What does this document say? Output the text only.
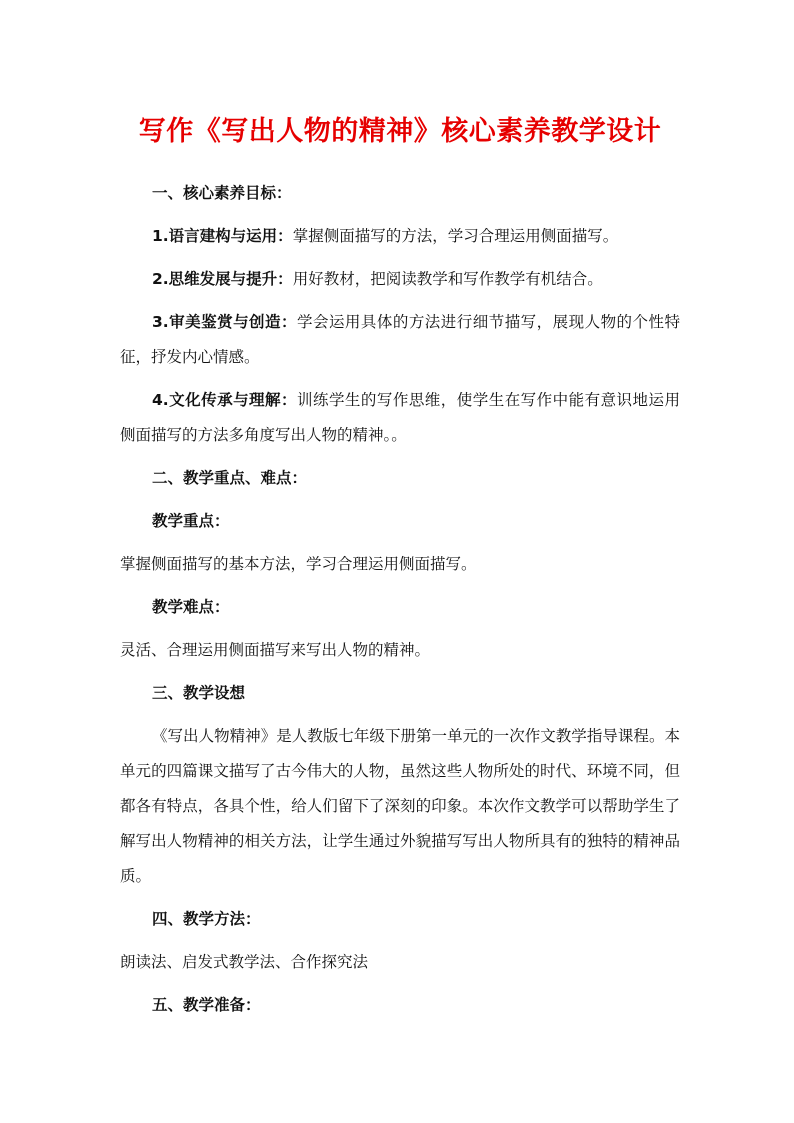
写作《写出人物的精神》核心素养教学设计

一、核心素养目标：

1.语言建构与运用：掌握侧面描写的方法，学习合理运用侧面描写。

2.思维发展与提升：用好教材，把阅读教学和写作教学有机结合。

3.审美鉴赏与创造：学会运用具体的方法进行细节描写，展现人物的个性特征，抒发内心情感。

4.文化传承与理解：训练学生的写作思维，使学生在写作中能有意识地运用侧面描写的方法多角度写出人物的精神。。

二、教学重点、难点：

教学重点：

掌握侧面描写的基本方法，学习合理运用侧面描写。

教学难点：

灵活、合理运用侧面描写来写出人物的精神。

三、教学设想

《写出人物精神》是人教版七年级下册第一单元的一次作文教学指导课程。本单元的四篇课文描写了古今伟大的人物，虽然这些人物所处的时代、环境不同，但都各有特点，各具个性，给人们留下了深刻的印象。本次作文教学可以帮助学生了解写出人物精神的相关方法，让学生通过外貌描写写出人物所具有的独特的精神品质。

四、教学方法：

朗读法、启发式教学法、合作探究法

五、教学准备：
